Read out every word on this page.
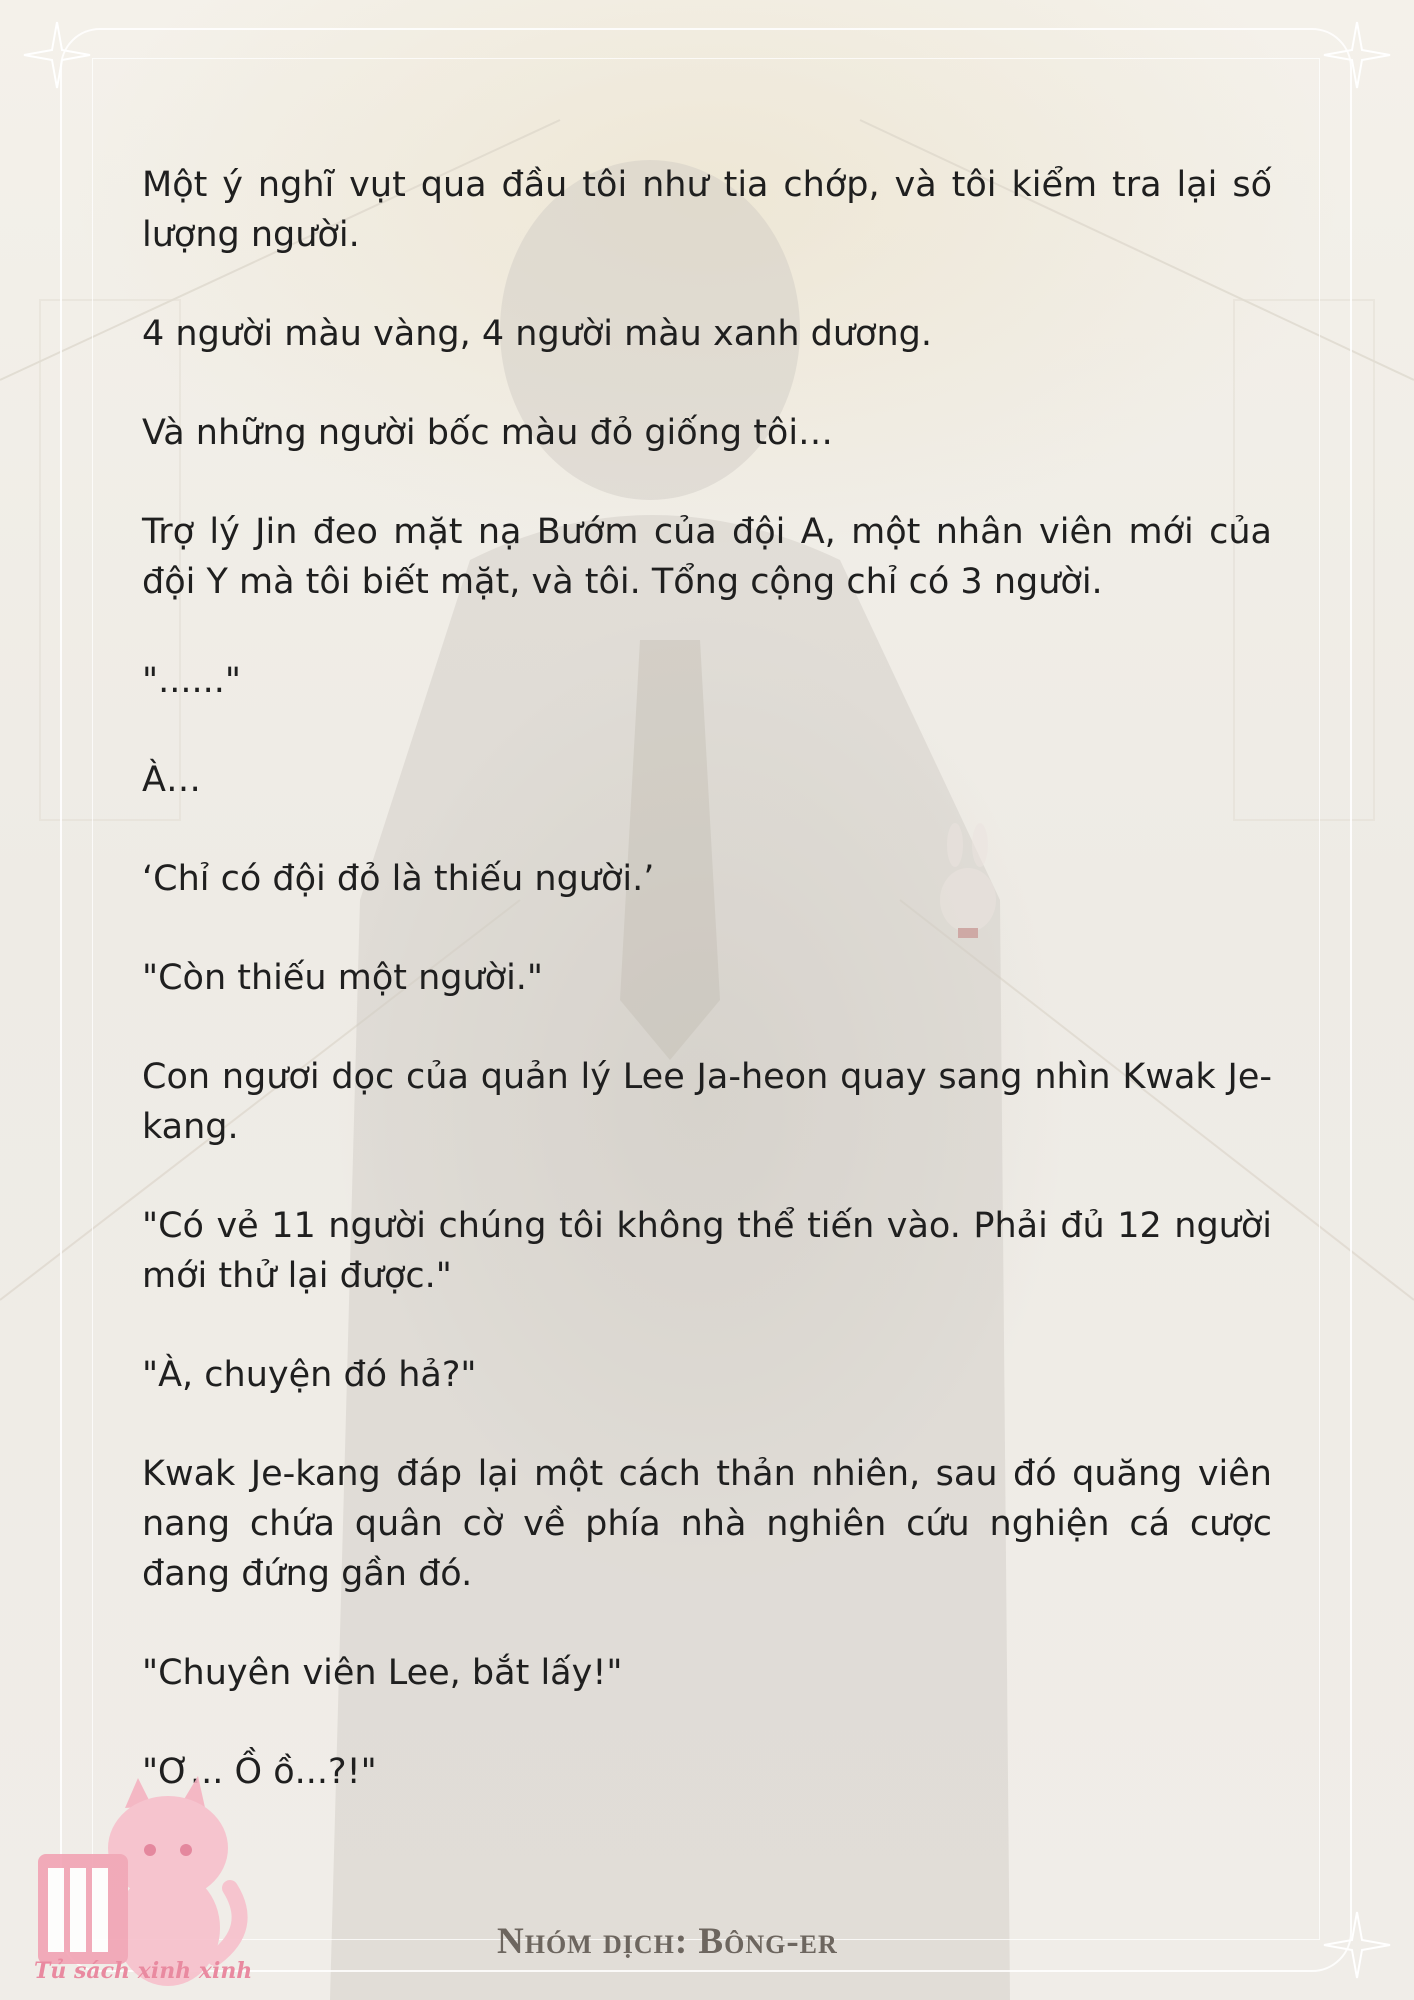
Một ý nghĩ vụt qua đầu tôi như tia chớp, và tôi kiểm tra lại số lượng người.

4 người màu vàng, 4 người màu xanh dương.

Và những người bốc màu đỏ giống tôi…

Trợ lý Jin đeo mặt nạ Bướm của đội A, một nhân viên mới của đội Y mà tôi biết mặt, và tôi. Tổng cộng chỉ có 3 người.

"......"

À…

‘Chỉ có đội đỏ là thiếu người.’

"Còn thiếu một người."

Con ngươi dọc của quản lý Lee Ja-heon quay sang nhìn Kwak Je-kang.

"Có vẻ 11 người chúng tôi không thể tiến vào. Phải đủ 12 người mới thử lại được."

"À, chuyện đó hả?"

Kwak Je-kang đáp lại một cách thản nhiên, sau đó quăng viên nang chứa quân cờ về phía nhà nghiên cứu nghiện cá cược đang đứng gần đó.

"Chuyên viên Lee, bắt lấy!"

"Ơ... Ồ ồ...?!"

Tủ sách xinh xinh
Nhóm dịch: Bông-er
